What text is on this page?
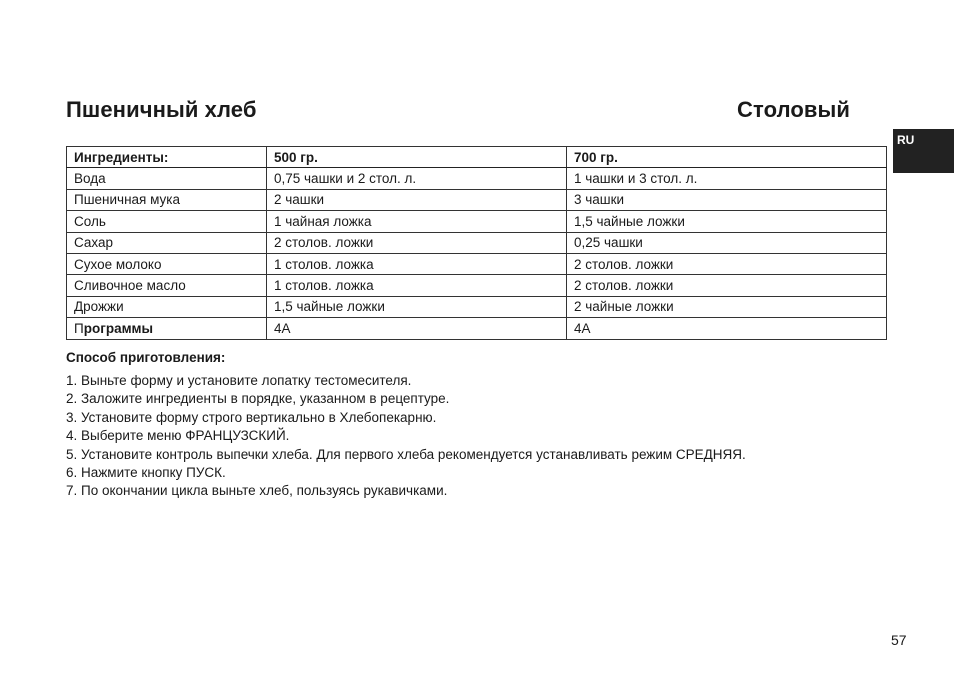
Пшеничный хлеб	Столовый
RU
Ингредиенты:	500 гр.	700 гр.
Вода	0,75 чашки и 2 стол. л.	1 чашки и 3 стол. л.
Пшеничная мука	2 чашки	3 чашки
Соль	1 чайная ложка	1,5 чайные ложки
Сахар	2 столов. ложки	0,25 чашки
Сухое молоко	1 столов. ложка	2 столов. ложки
Сливочное масло	1 столов. ложка	2 столов. ложки
Дрожжи	1,5 чайные ложки	2 чайные ложки
Программы	4A	4A
Способ приготовления:
1. Выньте форму и установите лопатку тестомесителя.
2. Заложите ингредиенты в порядке, указанном в рецептуре.
3. Установите форму строго вертикально в Хлебопекарню.
4. Выберите меню ФРАНЦУЗСКИЙ.
5. Установите контроль выпечки хлеба. Для первого хлеба рекомендуется устанавливать режим СРЕДНЯЯ.
6. Нажмите кнопку ПУСК.
7. По окончании цикла выньте хлеб, пользуясь рукавичками.
57
